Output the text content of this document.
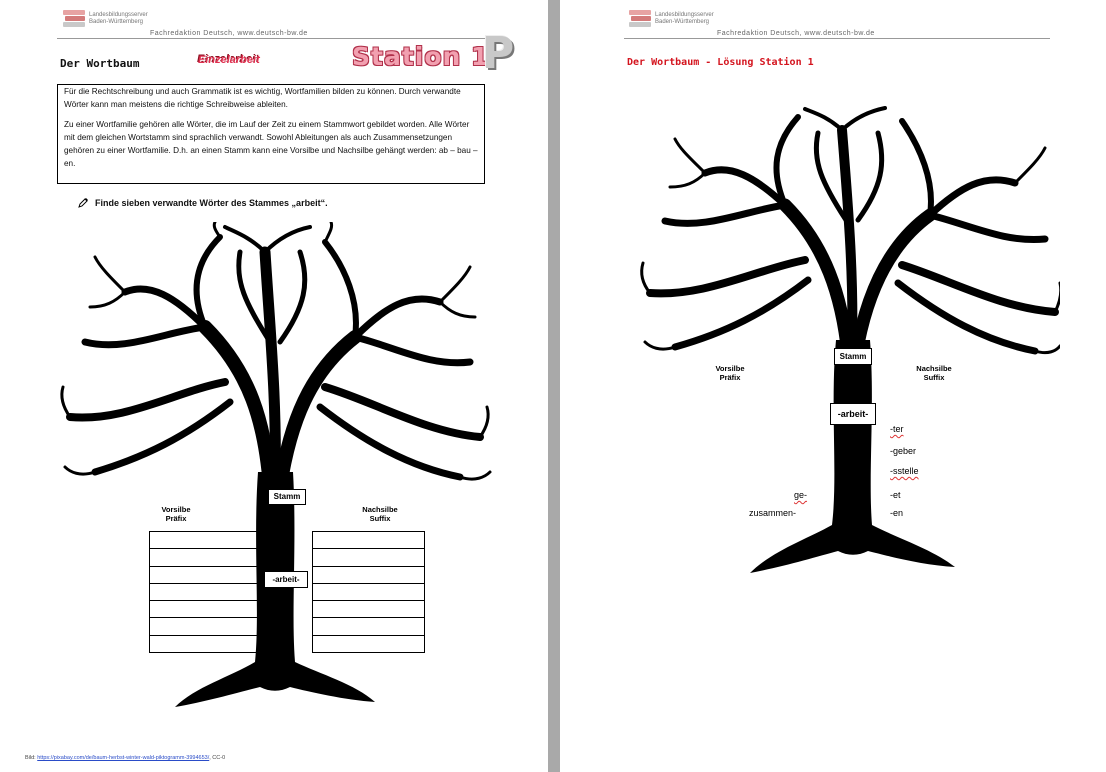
Landesbildungsserver
Baden-Württemberg
Fachredaktion Deutsch, www.deutsch-bw.de
Der Wortbaum	Einzelarbeit	Station 1
P

Für die Rechtschreibung und auch Grammatik ist es wichtig, Wortfamilien bilden zu können. Durch verwandte Wörter kann man meistens die richtige Schreibweise ableiten.

Zu einer Wortfamilie gehören alle Wörter, die im Lauf der Zeit zu einem Stammwort gebildet worden. Alle Wörter mit dem gleichen Wortstamm sind sprachlich verwandt. Sowohl Ableitungen als auch Zusammensetzungen gehören zu einer Wortfamilie. D.h. an einen Stamm kann eine Vorsilbe und Nachsilbe gehängt werden: ab – bau – en.

Finde sieben verwandte Wörter des Stammes „arbeit“.
Stamm
Vorsilbe
Präfix
Nachsilbe
Suffix

-arbeit-
Bild: https://pixabay.com/de/baum-herbst-winter-wald-piktogramm-3994653/, CC-0
Landesbildungsserver
Baden-Württemberg
Fachredaktion Deutsch, www.deutsch-bw.de
Der Wortbaum - Lösung Station 1
Stamm
Vorsilbe
Präfix
Nachsilbe
Suffix
-arbeit-
-ter
-geber
-sstelle
-et
-en
ge-
zusammen-
